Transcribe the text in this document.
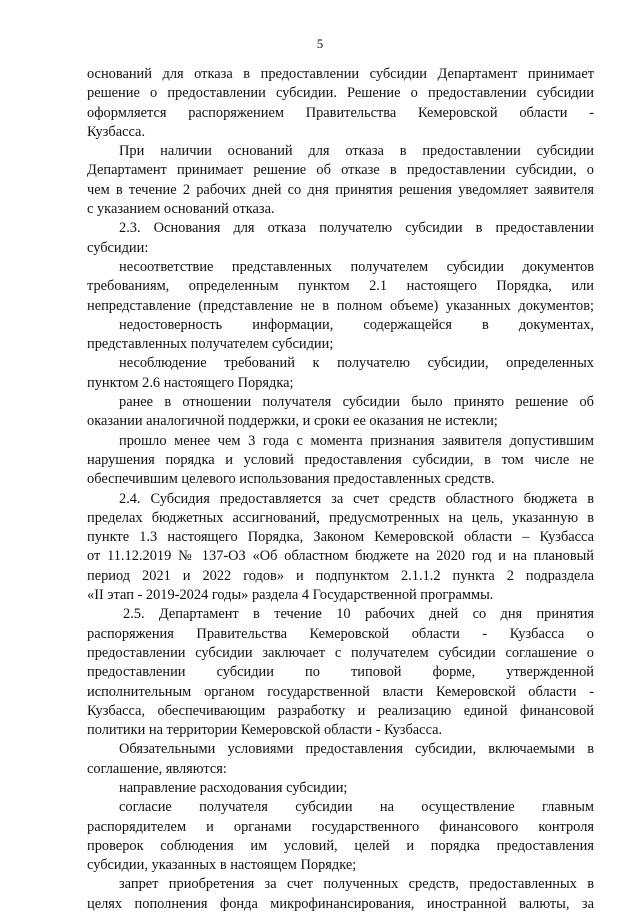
5

оснований для отказа в предоставлении субсидии Департамент принимает

решение о предоставлении субсидии. Решение о предоставлении субсидии

оформляется распоряжением Правительства Кемеровской области -

Кузбасса.

При наличии оснований для отказа в предоставлении субсидии

Департамент принимает решение об отказе в предоставлении субсидии, о

чем в течение 2 рабочих дней со дня принятия решения уведомляет заявителя

с указанием оснований отказа.

2.3. Основания для отказа получателю субсидии в предоставлении

субсидии:

несоответствие представленных получателем субсидии документов

требованиям, определенным пунктом 2.1 настоящего Порядка, или

непредставление (представление не в полном объеме) указанных документов;

недостоверность информации, содержащейся в документах,

представленных получателем субсидии;

несоблюдение требований к получателю субсидии, определенных

пунктом 2.6 настоящего Порядка;

ранее в отношении получателя субсидии было принято решение об

оказании аналогичной поддержки, и сроки ее оказания не истекли;

прошло менее чем 3 года с момента признания заявителя допустившим

нарушения порядка и условий предоставления субсидии, в том числе не

обеспечившим целевого использования предоставленных средств.

2.4. Субсидия предоставляется за счет средств областного бюджета в

пределах бюджетных ассигнований, предусмотренных на цель, указанную в

пункте 1.3 настоящего Порядка, Законом Кемеровской области – Кузбасса

от 11.12.2019 № 137-ОЗ «Об областном бюджете на 2020 год и на плановый

период 2021 и 2022 годов» и подпунктом 2.1.1.2 пункта 2 подраздела

«II этап - 2019-2024 годы» раздела 4 Государственной программы.

2.5. Департамент в течение 10 рабочих дней со дня принятия

распоряжения Правительства Кемеровской области - Кузбасса о

предоставлении субсидии заключает с получателем субсидии соглашение о

предоставлении субсидии по типовой форме, утвержденной

исполнительным органом государственной власти Кемеровской области -

Кузбасса, обеспечивающим разработку и реализацию единой финансовой

политики на территории Кемеровской области - Кузбасса.

Обязательными условиями предоставления субсидии, включаемыми в

соглашение, являются:

направление расходования субсидии;

согласие получателя субсидии на осуществление главным

распорядителем и органами государственного финансового контроля

проверок соблюдения им условий, целей и порядка предоставления

субсидии, указанных в настоящем Порядке;

запрет приобретения за счет полученных средств, предоставленных в

целях пополнения фонда микрофинансирования, иностранной валюты, за
